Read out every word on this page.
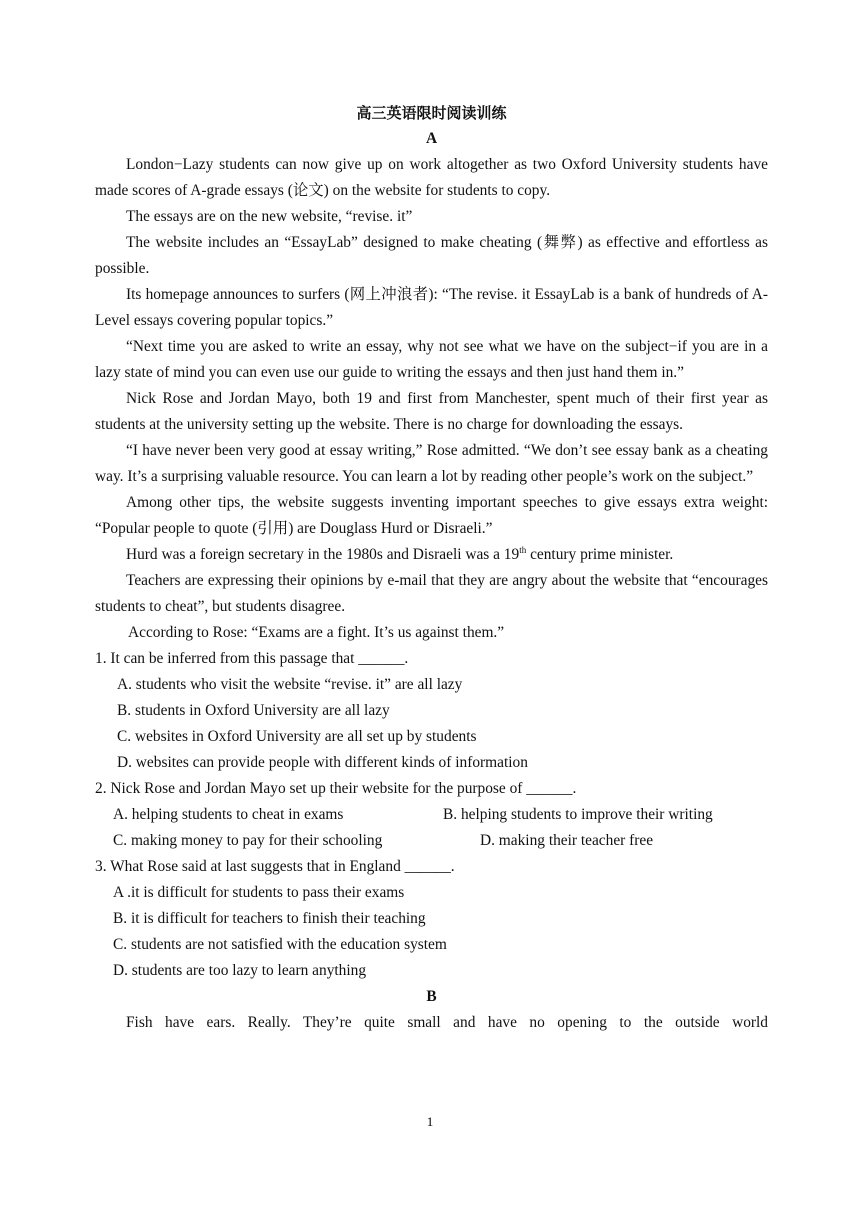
高三英语限时阅读训练

A

London−Lazy students can now give up on work altogether as two Oxford University students have made scores of A-grade essays (论文) on the website for students to copy.

The essays are on the new website, “revise. it”

The website includes an “EssayLab” designed to make cheating (舞弊) as effective and effortless as possible.

Its homepage announces to surfers (网上冲浪者): “The revise. it EssayLab is a bank of hundreds of A-Level essays covering popular topics.”

“Next time you are asked to write an essay, why not see what we have on the subject−if you are in a lazy state of mind you can even use our guide to writing the essays and then just hand them in.”

Nick Rose and Jordan Mayo, both 19 and first from Manchester, spent much of their first year as students at the university setting up the website. There is no charge for downloading the essays.

“I have never been very good at essay writing,” Rose admitted. “We don’t see essay bank as a cheating way. It’s a surprising valuable resource. You can learn a lot by reading other people’s work on the subject.”

Among other tips, the website suggests inventing important speeches to give essays extra weight: “Popular people to quote (引用) are Douglass Hurd or Disraeli.”

Hurd was a foreign secretary in the 1980s and Disraeli was a 19th century prime minister.

Teachers are expressing their opinions by e-mail that they are angry about the website that “encourages students to cheat”, but students disagree.

According to Rose: “Exams are a fight. It’s us against them.”

1. It can be inferred from this passage that ______.

A. students who visit the website “revise. it” are all lazy

B. students in Oxford University are all lazy

C. websites in Oxford University are all set up by students

D. websites can provide people with different kinds of information

2. Nick Rose and Jordan Mayo set up their website for the purpose of ______.

A. helping students to cheat in exams	B. helping students to improve their writing
C. making money to pay for their schooling	D. making their teacher free

3. What Rose said at last suggests that in England ______.

A .it is difficult for students to pass their exams

B. it is difficult for teachers to finish their teaching

C. students are not satisfied with the education system

D. students are too lazy to learn anything

B

Fish have ears. Really. They’re quite small and have no opening to the outside world

1
